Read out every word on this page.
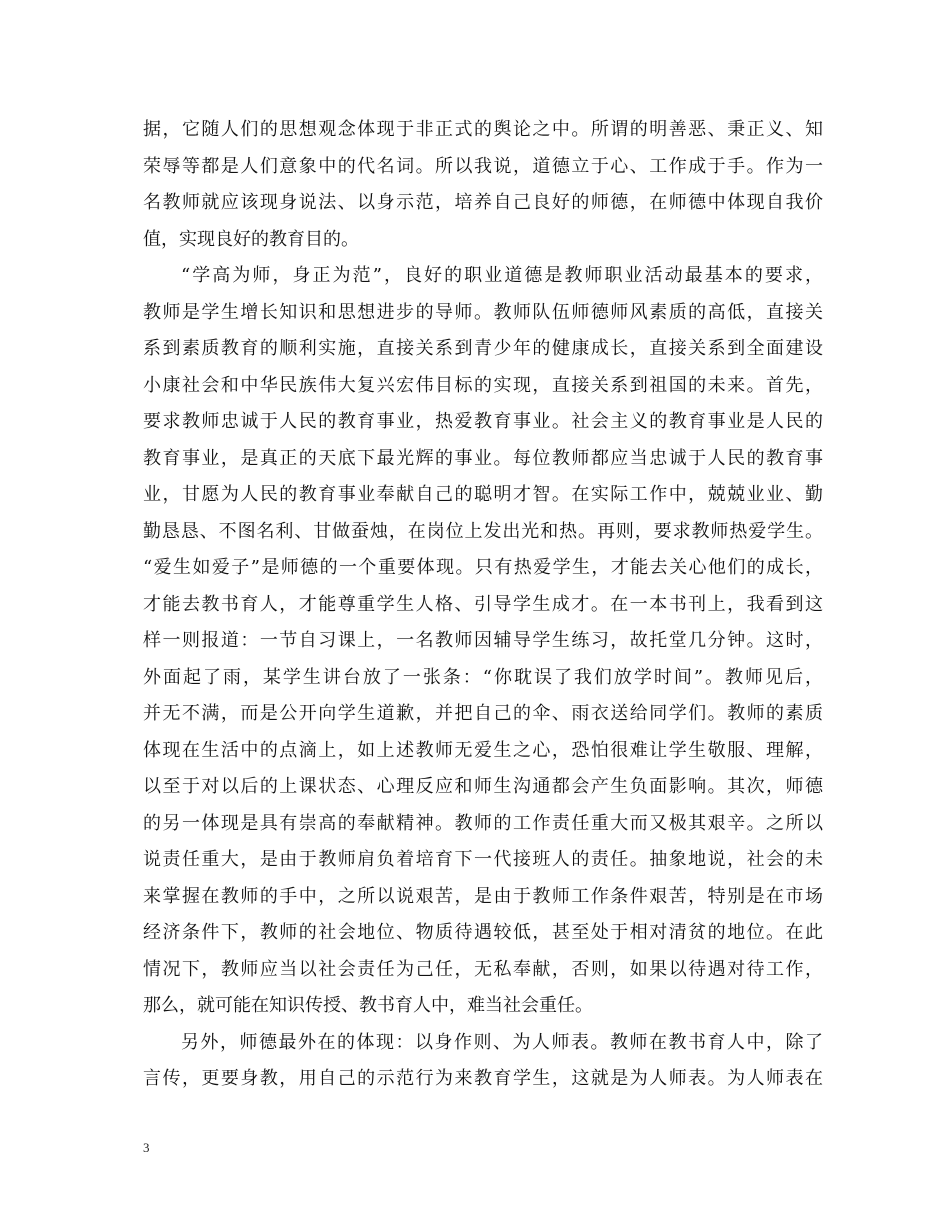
据，它随人们的思想观念体现于非正式的舆论之中。所谓的明善恶、秉正义、知
荣辱等都是人们意象中的代名词。所以我说，道德立于心、工作成于手。作为一
名教师就应该现身说法、以身示范，培养自己良好的师德，在师德中体现自我价
值，实现良好的教育目的。
“学高为师，身正为范”，良好的职业道德是教师职业活动最基本的要求，
教师是学生增长知识和思想进步的导师。教师队伍师德师风素质的高低，直接关
系到素质教育的顺利实施，直接关系到青少年的健康成长，直接关系到全面建设
小康社会和中华民族伟大复兴宏伟目标的实现，直接关系到祖国的未来。首先，
要求教师忠诚于人民的教育事业，热爱教育事业。社会主义的教育事业是人民的
教育事业，是真正的天底下最光辉的事业。每位教师都应当忠诚于人民的教育事
业，甘愿为人民的教育事业奉献自己的聪明才智。在实际工作中，兢兢业业、勤
勤恳恳、不图名利、甘做蚕烛，在岗位上发出光和热。再则，要求教师热爱学生。
“爱生如爱子”是师德的一个重要体现。只有热爱学生，才能去关心他们的成长，
才能去教书育人，才能尊重学生人格、引导学生成才。在一本书刊上，我看到这
样一则报道：一节自习课上，一名教师因辅导学生练习，故托堂几分钟。这时，
外面起了雨，某学生讲台放了一张条：“你耽误了我们放学时间”。教师见后，
并无不满，而是公开向学生道歉，并把自己的伞、雨衣送给同学们。教师的素质
体现在生活中的点滴上，如上述教师无爱生之心，恐怕很难让学生敬服、理解，
以至于对以后的上课状态、心理反应和师生沟通都会产生负面影响。其次，师德
的另一体现是具有崇高的奉献精神。教师的工作责任重大而又极其艰辛。之所以
说责任重大，是由于教师肩负着培育下一代接班人的责任。抽象地说，社会的未
来掌握在教师的手中，之所以说艰苦，是由于教师工作条件艰苦，特别是在市场
经济条件下，教师的社会地位、物质待遇较低，甚至处于相对清贫的地位。在此
情况下，教师应当以社会责任为己任，无私奉献，否则，如果以待遇对待工作，
那么，就可能在知识传授、教书育人中，难当社会重任。
另外，师德最外在的体现：以身作则、为人师表。教师在教书育人中，除了
言传，更要身教，用自己的示范行为来教育学生，这就是为人师表。为人师表在
3
